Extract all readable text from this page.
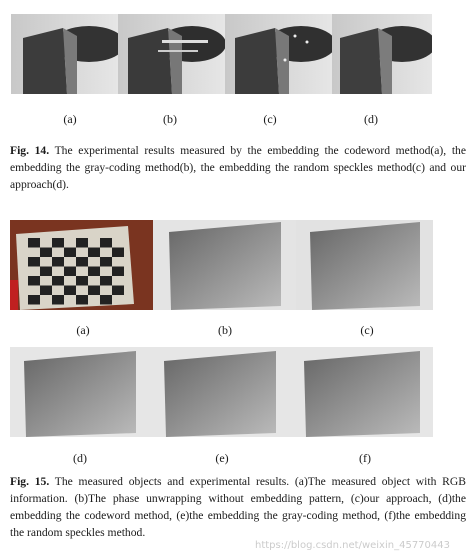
(a)	(b)	(c)	(d)
Fig. 14. The experimental results measured by the embedding the codeword method(a), the embedding the gray-coding method(b), the embedding the random speckles method(c) and our approach(d).
(a)	(b)	(c)
(d)	(e)	(f)
Fig. 15. The measured objects and experimental results. (a)The measured object with RGB information. (b)The phase unwrapping without embedding pattern, (c)our approach, (d)the embedding the codeword method, (e)the embedding the gray-coding method, (f)the embedding the random speckles method.
https://blog.csdn.net/weixin_45770443
